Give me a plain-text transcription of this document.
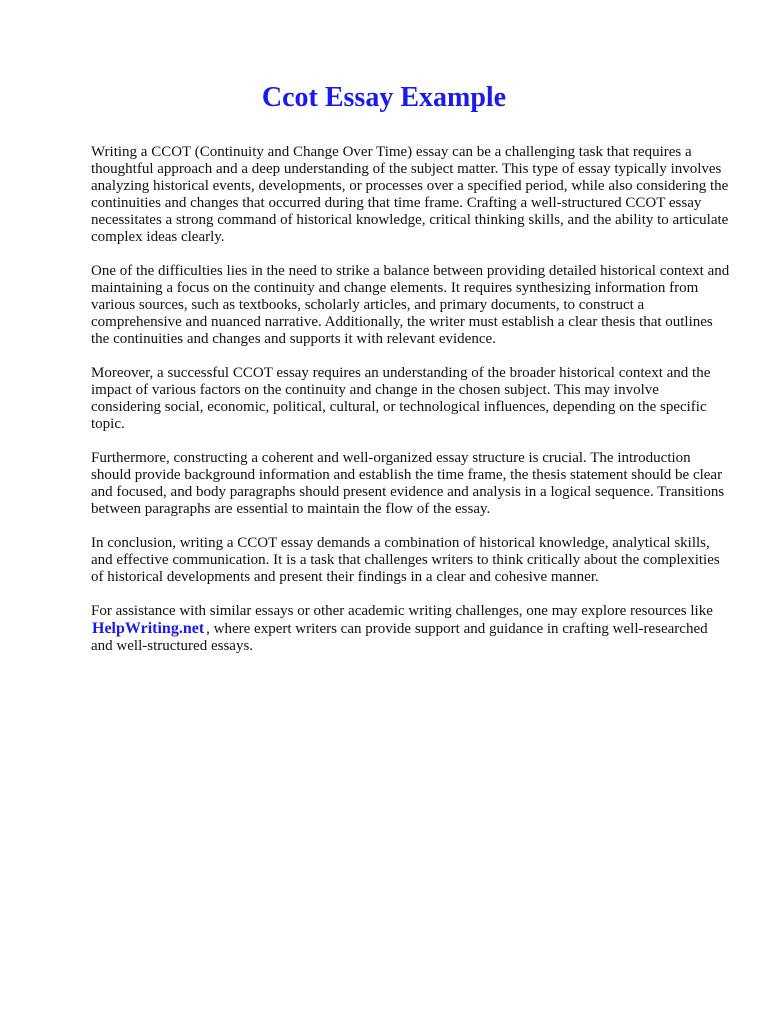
Ccot Essay Example

Writing a CCOT (Continuity and Change Over Time) essay can be a challenging task that requires a thoughtful approach and a deep understanding of the subject matter. This type of essay typically involves analyzing historical events, developments, or processes over a specified period, while also considering the continuities and changes that occurred during that time frame. Crafting a well-structured CCOT essay necessitates a strong command of historical knowledge, critical thinking skills, and the ability to articulate complex ideas clearly.

One of the difficulties lies in the need to strike a balance between providing detailed historical context and maintaining a focus on the continuity and change elements. It requires synthesizing information from various sources, such as textbooks, scholarly articles, and primary documents, to construct a comprehensive and nuanced narrative. Additionally, the writer must establish a clear thesis that outlines the continuities and changes and supports it with relevant evidence.

Moreover, a successful CCOT essay requires an understanding of the broader historical context and the impact of various factors on the continuity and change in the chosen subject. This may involve considering social, economic, political, cultural, or technological influences, depending on the specific topic.

Furthermore, constructing a coherent and well-organized essay structure is crucial. The introduction should provide background information and establish the time frame, the thesis statement should be clear and focused, and body paragraphs should present evidence and analysis in a logical sequence. Transitions between paragraphs are essential to maintain the flow of the essay.

In conclusion, writing a CCOT essay demands a combination of historical knowledge, analytical skills, and effective communication. It is a task that challenges writers to think critically about the complexities of historical developments and present their findings in a clear and cohesive manner.

For assistance with similar essays or other academic writing challenges, one may explore resources like HelpWriting.net , where expert writers can provide support and guidance in crafting well-researched and well-structured essays.
